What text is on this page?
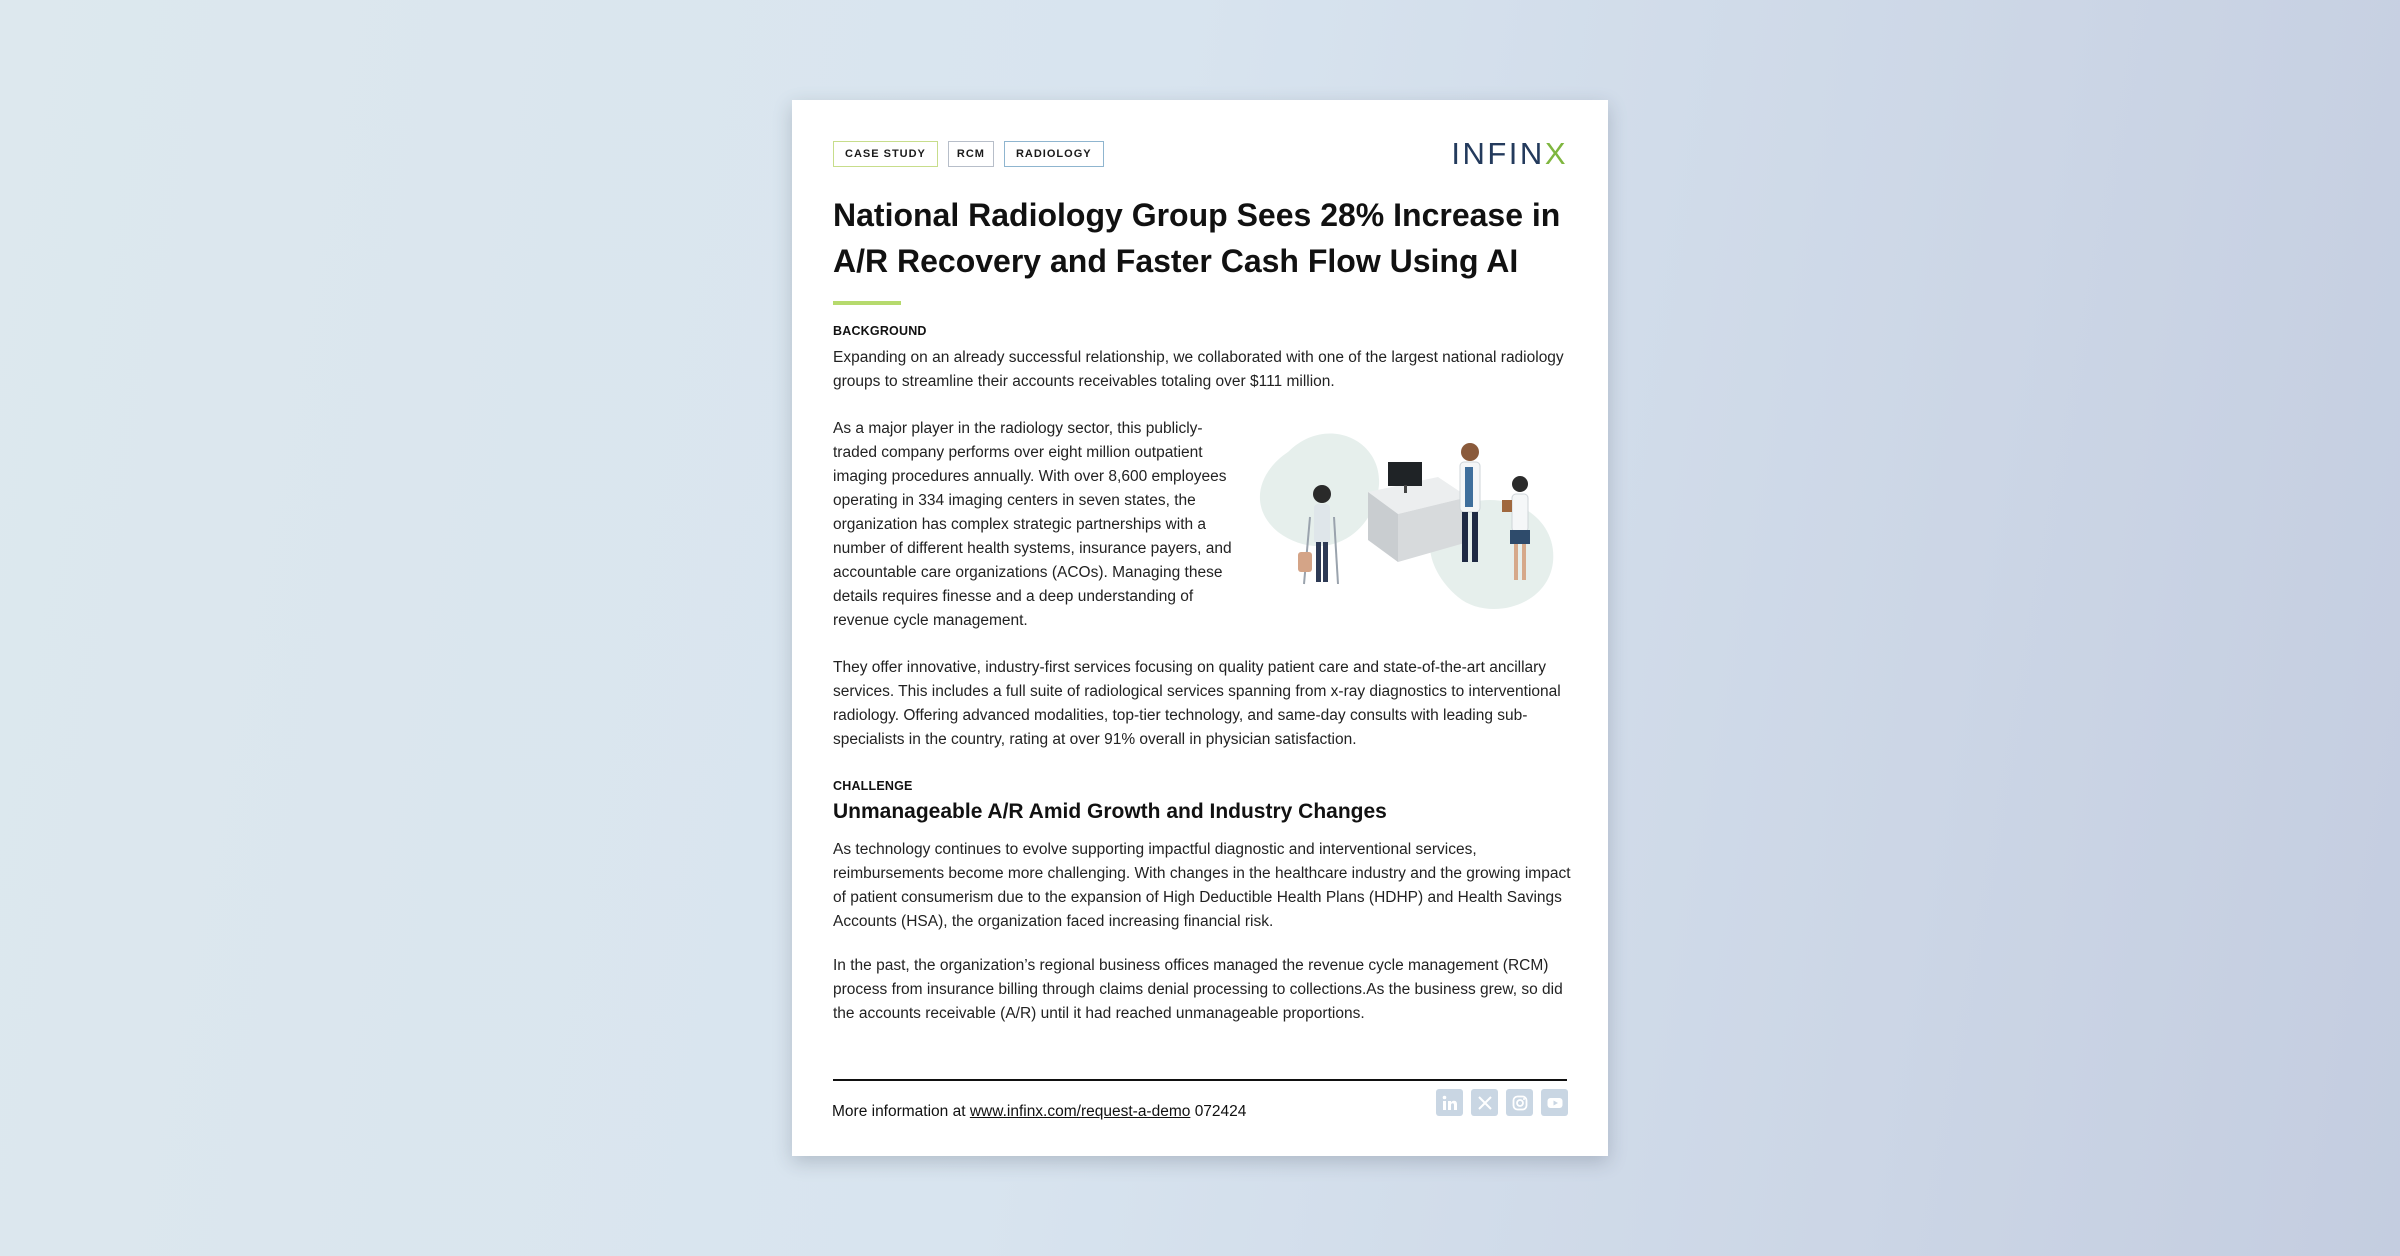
CASE STUDY	RCM	RADIOLOGY	INFINX
National Radiology Group Sees 28% Increase in A/R Recovery and Faster Cash Flow Using AI

BACKGROUND

Expanding on an already successful relationship, we collaborated with one of the largest national radiology groups to streamline their accounts receivables totaling over $111 million.

As a major player in the radiology sector, this publicly-traded company performs over eight million outpatient imaging procedures annually. With over 8,600 employees operating in 334 imaging centers in seven states, the organization has complex strategic partnerships with a number of different health systems, insurance payers, and accountable care organizations (ACOs). Managing these details requires finesse and a deep understanding of revenue cycle management.

They offer innovative, industry-first services focusing on quality patient care and state-of-the-art ancillary services. This includes a full suite of radiological services spanning from x-ray diagnostics to interventional radiology. Offering advanced modalities, top-tier technology, and same-day consults with leading sub-specialists in the country, rating at over 91% overall in physician satisfaction.

CHALLENGE

Unmanageable A/R Amid Growth and Industry Changes

As technology continues to evolve supporting impactful diagnostic and interventional services, reimbursements become more challenging. With changes in the healthcare industry and the growing impact of patient consumerism due to the expansion of High Deductible Health Plans (HDHP) and Health Savings Accounts (HSA), the organization faced increasing financial risk.

In the past, the organization’s regional business offices managed the revenue cycle management (RCM) process from insurance billing through claims denial processing to collections.As the business grew, so did the accounts receivable (A/R) until it had reached unmanageable proportions.

More information at www.infinx.com/request-a-demo 072424
